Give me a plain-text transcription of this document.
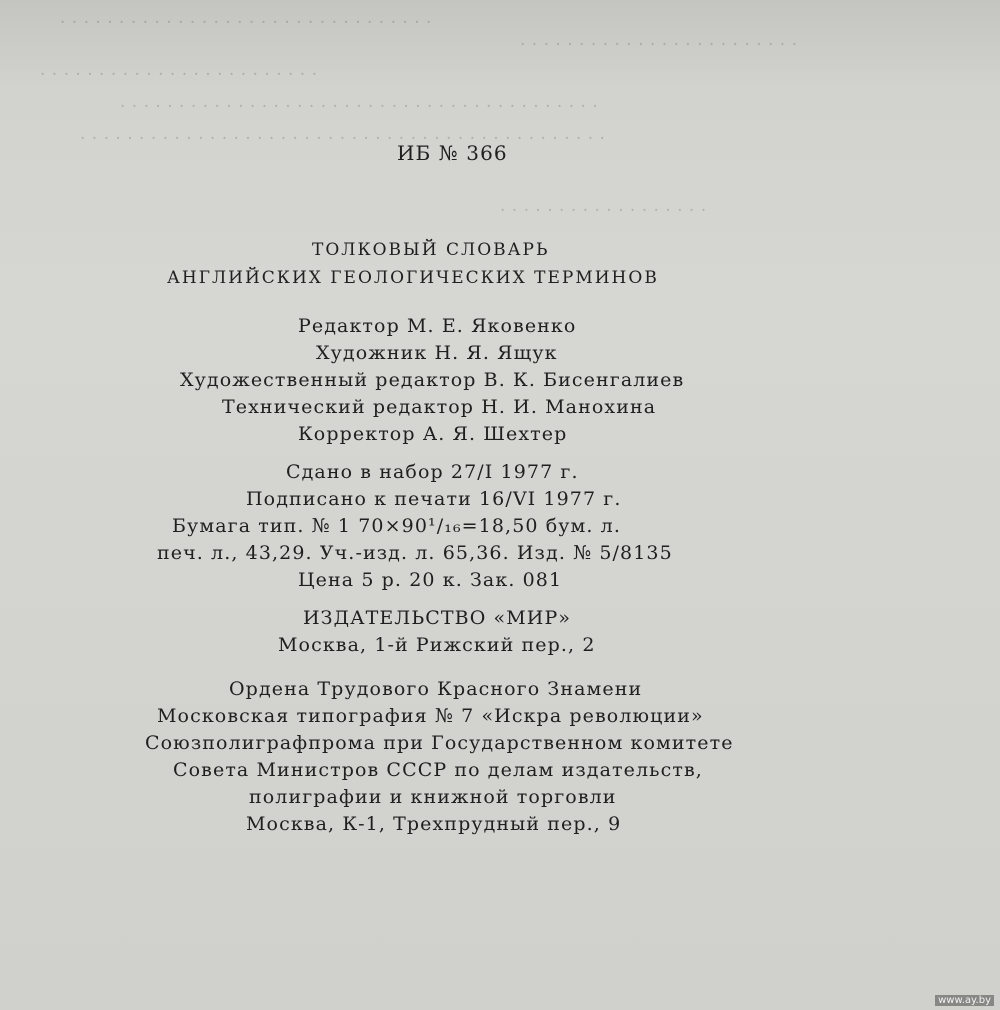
. . . . . . . . . . . . . . . . . . . . . . . . . . . . . . . .
. . . . . . . . . . . . . . . . . . . . . . . .
. . . . . . . . . . . . . . . . . . . . . . . .
. . . . . . . . . . . . . . . . . . . . . . . . . . . . . . . . . . . . . . . . .
. . . . . . . . . . . . . . . . . . . . . . . . . . . . . . . . . . . . . . . . . . . . .
. . . . . . . . . . . . . . . . . .
ИБ № 366
ТОЛКОВЫЙ СЛОВАРЬ
АНГЛИЙСКИХ ГЕОЛОГИЧЕСКИХ ТЕРМИНОВ
Редактор М. Е. Яковенко
Художник Н. Я. Ящук
Художественный редактор В. К. Бисенгалиев
Технический редактор Н. И. Манохина
Корректор А. Я. Шехтер
Сдано в набор 27/I 1977 г.
Подписано к печати 16/VI 1977 г.
Бумага тип. № 1 70×90¹/₁₆=18,50 бум. л.
печ. л., 43,29. Уч.-изд. л. 65,36. Изд. № 5/8135
Цена 5 р. 20 к. Зак. 081
ИЗДАТЕЛЬСТВО «МИР»
Москва, 1-й Рижский пер., 2
Ордена Трудового Красного Знамени
Московская типография № 7 «Искра революции»
Союзполиграфпрома при Государственном комитете
Совета Министров СССР по делам издательств,
полиграфии и книжной торговли
Москва, К-1, Трехпрудный пер., 9
www.ay.by
